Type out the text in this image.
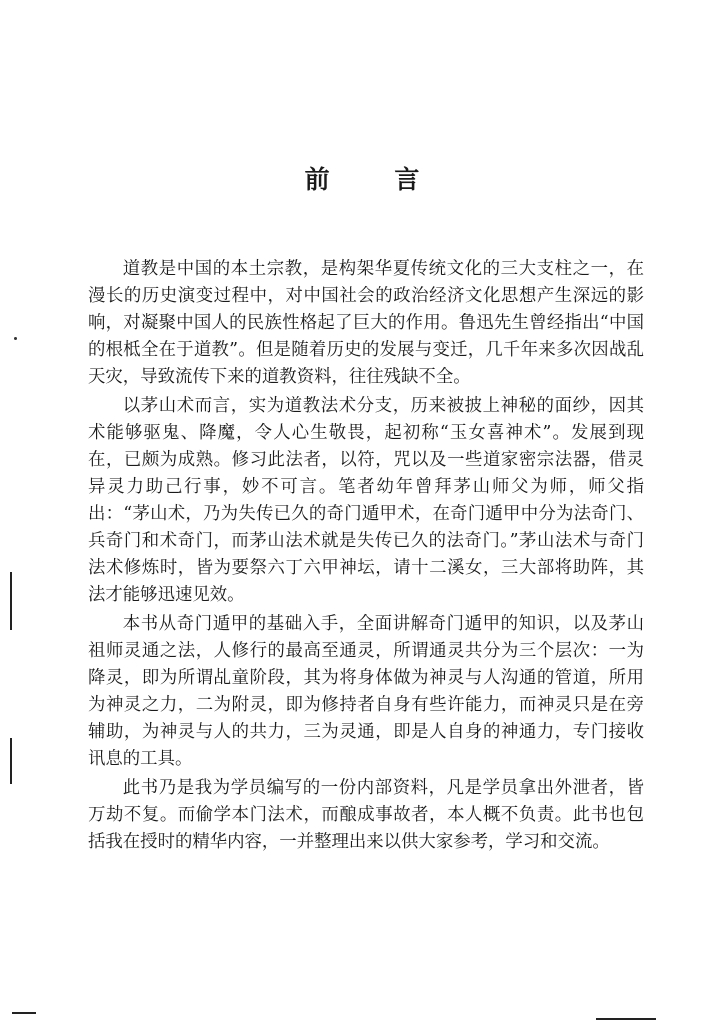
前 言

道教是中国的本土宗教，是构架华夏传统文化的三大支柱之一，在漫长的历史演变过程中，对中国社会的政治经济文化思想产生深远的影响，对凝聚中国人的民族性格起了巨大的作用。鲁迅先生曾经指出“中国的根柢全在于道教”。但是随着历史的发展与变迁，几千年来多次因战乱天灾，导致流传下来的道教资料，往往残缺不全。

以茅山术而言，实为道教法术分支，历来被披上神秘的面纱，因其术能够驱鬼、降魔，令人心生敬畏，起初称“玉女喜神术”。发展到现在，已颇为成熟。修习此法者，以符，咒以及一些道家密宗法器，借灵异灵力助己行事，妙不可言。笔者幼年曾拜茅山师父为师，师父指出：“茅山术，乃为失传已久的奇门遁甲术，在奇门遁甲中分为法奇门、兵奇门和术奇门，而茅山法术就是失传已久的法奇门。”茅山法术与奇门法术修炼时，皆为要祭六丁六甲神坛，请十二溪女，三大部将助阵，其法才能够迅速见效。

本书从奇门遁甲的基础入手，全面讲解奇门遁甲的知识，以及茅山祖师灵通之法，人修行的最高至通灵，所谓通灵共分为三个层次：一为降灵，即为所谓乩童阶段，其为将身体做为神灵与人沟通的管道，所用为神灵之力，二为附灵，即为修持者自身有些许能力，而神灵只是在旁辅助，为神灵与人的共力，三为灵通，即是人自身的神通力，专门接收讯息的工具。

此书乃是我为学员编写的一份内部资料，凡是学员拿出外泄者，皆万劫不复。而偷学本门法术，而酿成事故者，本人概不负责。此书也包括我在授时的精华内容，一并整理出来以供大家参考，学习和交流。
